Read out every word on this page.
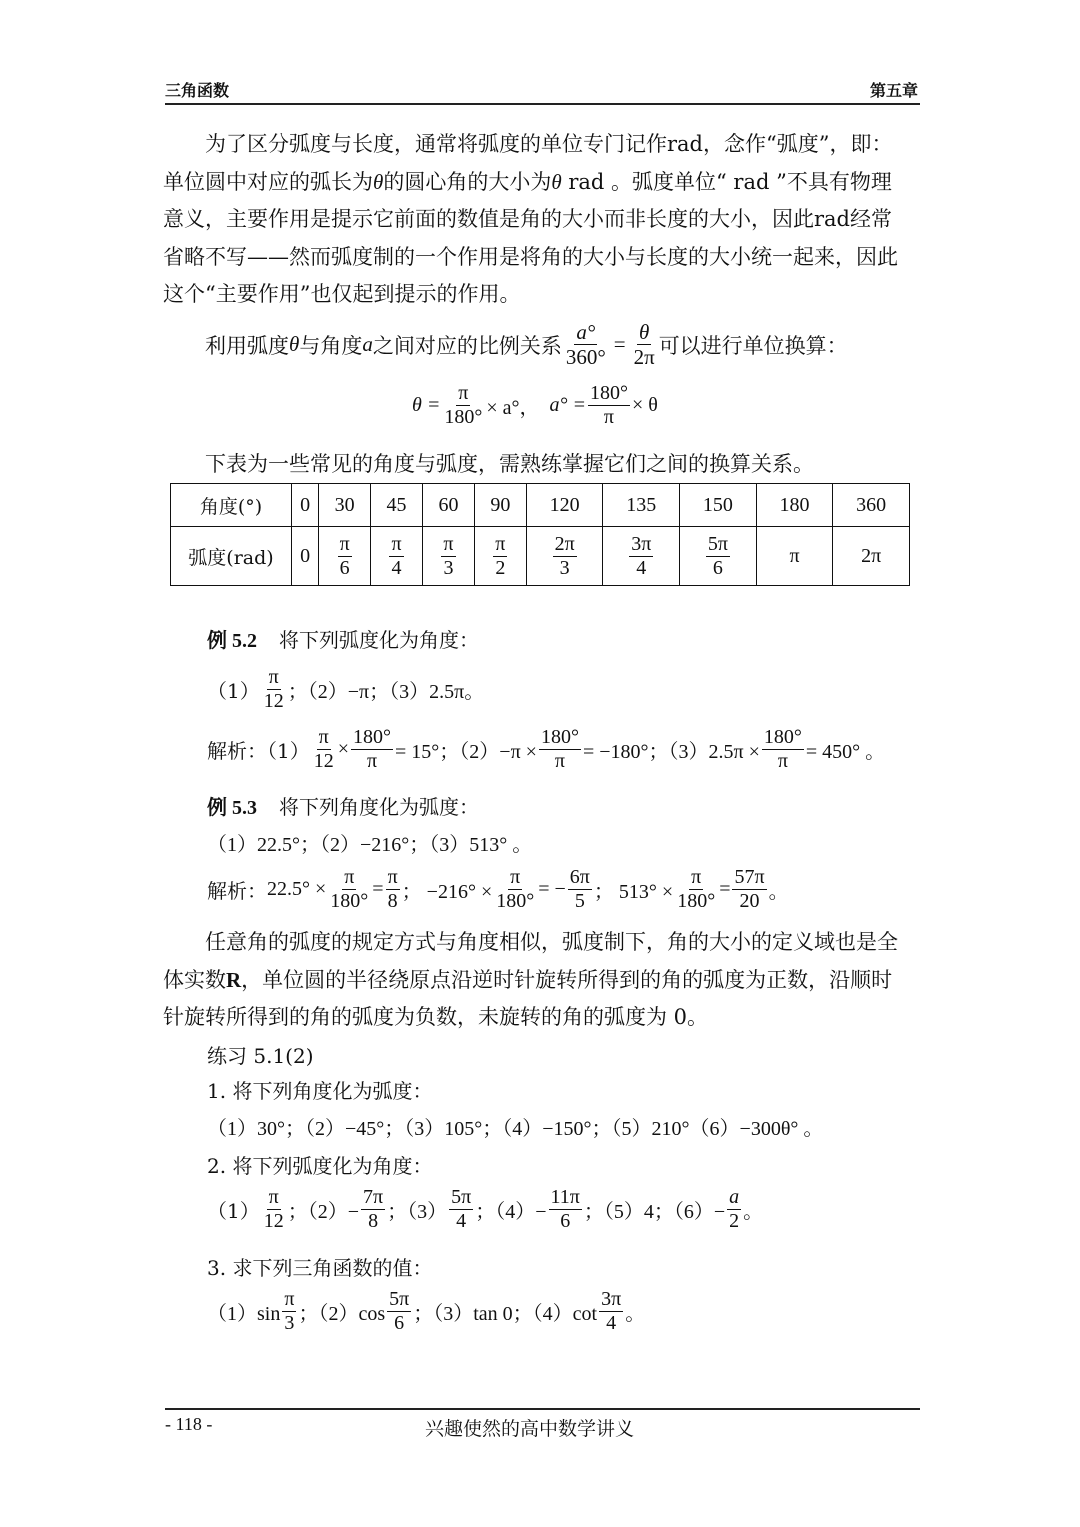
三角函数	第五章

为了区分弧度与长度，通常将弧度的单位专门记作rad，念作“弧度”，即：

单位圆中对应的弧长为θ的圆心角的大小为θ rad 。弧度单位“ rad ”不具有物理
意义，主要作用是提示它前面的数值是角的大小而非长度的大小，因此rad经常
省略不写——然而弧度制的一个作用是将角的大小与长度的大小统一起来，因此
这个“主要作用”也仅起到提示的作用。
利用弧度 θ 与角度 a 之间对应的比例关系 $\frac{a^\circ}{360^\circ} = \frac{\theta}{2\pi}$ 可以进行单位换算：
$\theta = \frac{\pi}{180^\circ} \times a^\circ$， $a^\circ = \frac{180^\circ}{\pi} \times \theta$
下表为一些常见的角度与弧度，需熟练掌握它们之间的换算关系。
角度(°)	0	30	45	60	90	120	135	150	180	360
弧度(rad)	0	$\frac{\pi}{6}$	$\frac{\pi}{4}$	$\frac{\pi}{3}$	$\frac{\pi}{2}$	$\frac{2\pi}{3}$	$\frac{3\pi}{4}$	$\frac{5\pi}{6}$	π	2π
例 5.2 将下列弧度化为角度：
$(1) \frac{\pi}{12}$ ；（2）−π；（3）2.5π。
解析：$(1) \frac{\pi}{12} \times \frac{180^\circ}{\pi} = 15^\circ$；$(2)-\pi \times \frac{180^\circ}{\pi} = -180^\circ$；$(3)2.5\pi \times \frac{180^\circ}{\pi} = 450^\circ$ 。
例 5.3 将下列角度化为弧度：
（1）22.5°；（2）−216°；（3）513° 。
解析： $22.5^\circ \times \frac{\pi}{180^\circ} = \frac{\pi}{8}$ ； $-216^\circ \times \frac{\pi}{180^\circ}$ = − $\frac{6\pi}{5}$ ； $513^\circ \times \frac{\pi}{180^\circ} = \frac{57\pi}{20}$ 。

任意角的弧度的规定方式与角度相似，弧度制下，角的大小的定义域也是全

体实数R，单位圆的半径绕原点沿逆时针旋转所得到的角的弧度为正数，沿顺时
针旋转所得到的角的弧度为负数，未旋转的角的弧度为 0。
练习 5.1(2)
1. 将下列角度化为弧度：
（1）30°；（2）−45°；（3）105°；（4）−150°；（5）210°（6）−300θ° 。
2. 将下列弧度化为角度：
$(1) \frac{\pi}{12}$ ；$(2)- \frac{7\pi}{8}$ ；$(3) \frac{5\pi}{4}$ ；$(4)- \frac{11\pi}{6}$ ；（5）4；$(6)- \frac{a}{2}$ 。
3. 求下列三角函数的值：
$(1)\sin \frac{\pi}{3}$ ；$(2)\cos \frac{5\pi}{6}$ ；（3）tan 0；$(4)\cot \frac{3\pi}{4}$ 。
- 118 -	兴趣使然的高中数学讲义
